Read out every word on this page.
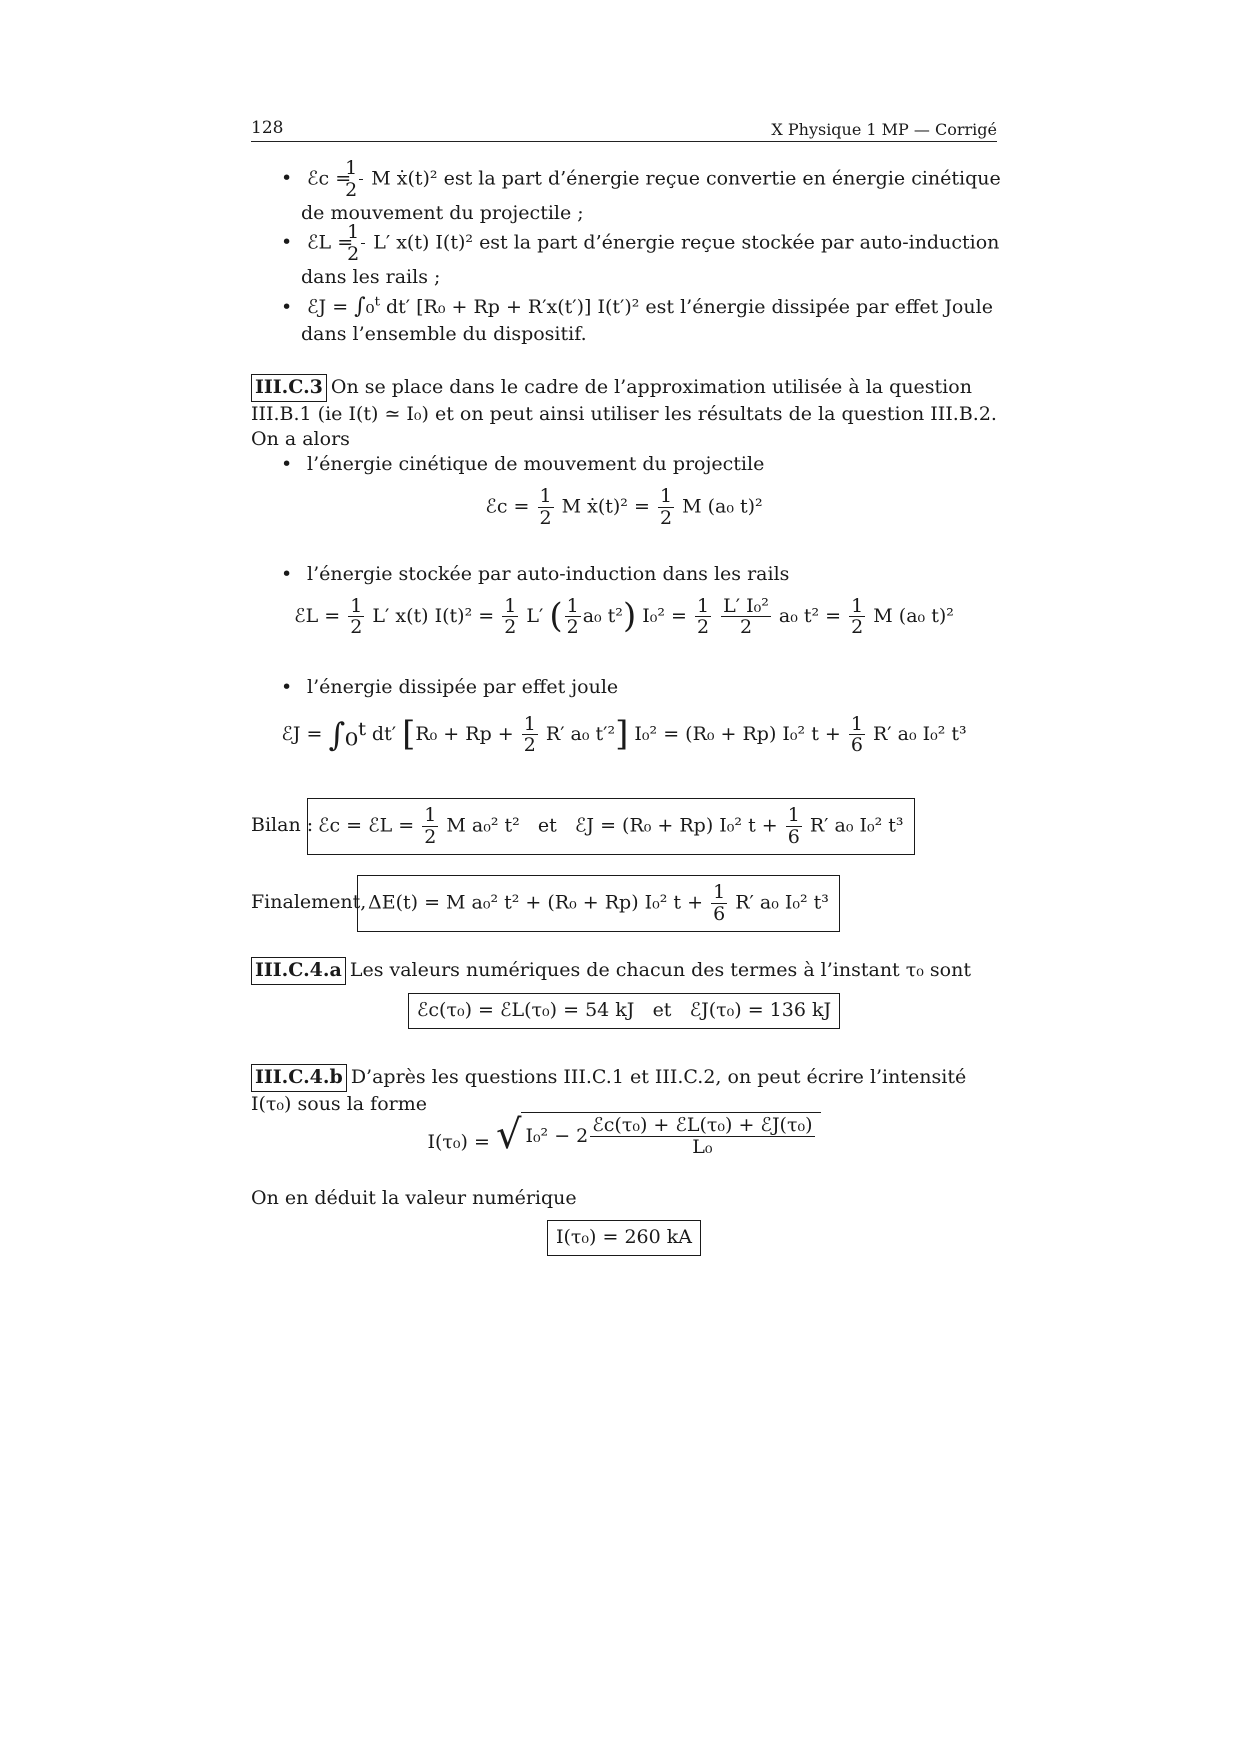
128	X Physique 1 MP — Corrigé
• ℰc = $\frac{1}{2}$ M ẋ(t)² est la part d’énergie reçue convertie en énergie cinétique de mouvement du projectile ;
• ℰL = $\frac{1}{2} L'$ x(t) I(t)² est la part d’énergie reçue stockée par auto-induction dans les rails ;
• ℰJ = ∫₀ᵗ dt′ [R₀ + Rp + R′x(t′)] I(t′)² est l’énergie dissipée par effet Joule dans l’ensemble du dispositif.
III.C.3 On se place dans le cadre de l’approximation utilisée à la question III.B.1 (ie I(t) ≃ I₀) et on peut ainsi utiliser les résultats de la question III.B.2. On a alors
• l’énergie cinétique de mouvement du projectile
ℰc = $\frac{1}{2}$ M ẋ(t)² = $\frac{1}{2}$ M (a₀ t)²
• l’énergie stockée par auto-induction dans les rails
ℰL = $\frac{1}{2} L'$ x(t) $I(t)^2 = \frac{1}{2} L'$ ( $\frac{1}{2} a_0$ t²) $I_0^2 = \frac{1}{2}$
$\frac{\text{L′ I₀²}}{2} a_0$ $t^2 = \frac{1}{2}$ M (a₀ t)²
• l’énergie dissipée par effet joule
ℰJ = ∫₀ᵗ dt′ [$R_0 + Rp + \frac{1}{2} R'$ a₀ t′²] I₀² = (R₀ + Rp) I₀² $t + \frac{1}{6} R'$ a₀ I₀² t³
Bilan : ℰc = ℰL = $\frac{1}{2}$ M a₀² t² et ℰJ = (R₀ + Rp) I₀² $t + \frac{1}{6} R'$ a₀ I₀² t³
Finalement, ΔE(t) = M a₀² t² + (R₀ + Rp) I₀² $t + \frac{1}{6} R'$ a₀ I₀² t³
III.C.4.a Les valeurs numériques de chacun des termes à l’instant τ₀ sont
ℰc(τ₀) = ℰL(τ₀) = 54 kJ et ℰJ(τ₀) = 136 kJ
III.C.4.b D’après les questions III.C.1 et III.C.2, on peut écrire l’intensité I(τ₀) sous la forme
I(τ₀) = √ $I_0^2 - 2 \frac{\text{ℰc(τ₀) + ℰL(τ₀) + ℰJ(τ₀)}}{\text{L₀}}$
On en déduit la valeur numérique
I(τ₀) = 260 kA
